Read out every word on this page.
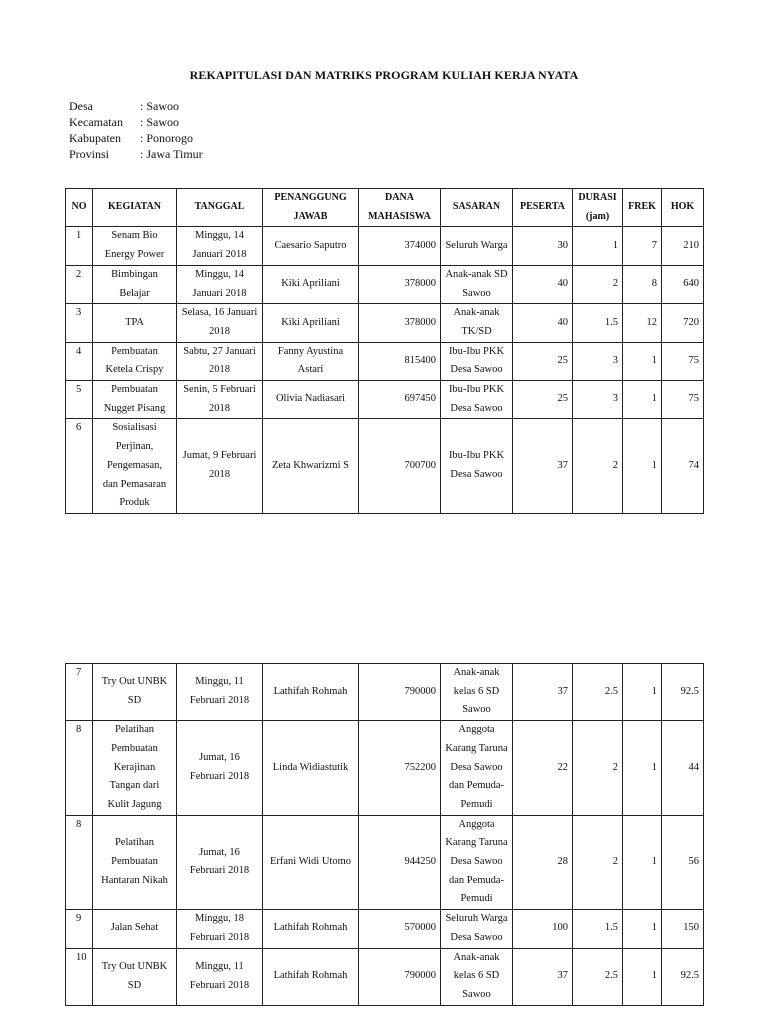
REKAPITULASI DAN MATRIKS PROGRAM KULIAH KERJA NYATA
Desa	: Sawoo
Kecamatan	: Sawoo
Kabupaten	: Ponorogo
Provinsi	: Jawa Timur
NO	KEGIATAN	TANGGAL	PENANGGUNG
JAWAB	DANA
MAHASISWA	SASARAN	PESERTA	DURASI
(jam)	FREK	HOK
1	Senam Bio
Energy Power	Minggu, 14
Januari 2018	Caesario Saputro	374000	Seluruh Warga	30	1	7	210
2	Bimbingan
Belajar	Minggu, 14
Januari 2018	Kiki Apriliani	378000	Anak-anak SD
Sawoo	40	2	8	640
3	TPA	Selasa, 16 Januari
2018	Kiki Apriliani	378000	Anak-anak
TK/SD	40	1.5	12	720
4	Pembuatan
Ketela Crispy	Sabtu, 27 Januari
2018	Fanny Ayustina
Astari	815400	Ibu-Ibu PKK
Desa Sawoo	25	3	1	75
5	Pembuatan
Nugget Pisang	Senin, 5 Februari
2018	Olivia Nadiasari	697450	Ibu-Ibu PKK
Desa Sawoo	25	3	1	75
6	Sosialisasi
Perjinan,
Pengemasan,
dan Pemasaran
Produk	Jumat, 9 Februari
2018	Zeta Khwarizmi S	700700	Ibu-Ibu PKK
Desa Sawoo	37	2	1	74
7	Try Out UNBK
SD	Minggu, 11
Februari 2018	Lathifah Rohmah	790000	Anak-anak
kelas 6 SD
Sawoo	37	2.5	1	92.5
8	Pelatihan
Pembuatan
Kerajinan
Tangan dari
Kulit Jagung	Jumat, 16
Februari 2018	Linda Widiastutik	752200	Anggota
Karang Taruna
Desa Sawoo
dan Pemuda-
Pemudi	22	2	1	44
8	Pelatihan
Pembuatan
Hantaran Nikah	Jumat, 16
Februari 2018	Erfani Widi Utomo	944250	Anggota
Karang Taruna
Desa Sawoo
dan Pemuda-
Pemudi	28	2	1	56
9	Jalan Sehat	Minggu, 18
Februari 2018	Lathifah Rohmah	570000	Seluruh Warga
Desa Sawoo	100	1.5	1	150
10	Try Out UNBK
SD	Minggu, 11
Februari 2018	Lathifah Rohmah	790000	Anak-anak
kelas 6 SD
Sawoo	37	2.5	1	92.5
